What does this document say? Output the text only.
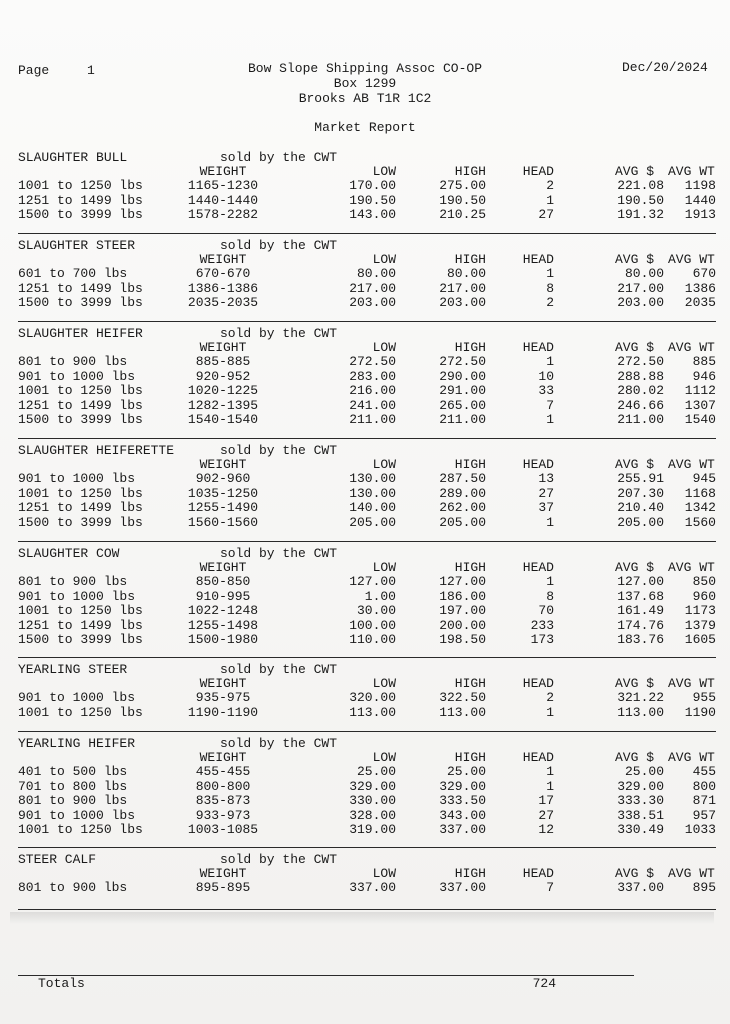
Page	1	Bow Slope Shipping Assoc CO-OP
Box 1299
Brooks AB T1R 1C2
Dec/20/2024
Market Report
SLAUGHTER BULL	sold by the CWT
WEIGHT	LOW	HIGH	HEAD	AVG $ AVG WT
1001 to 1250 lbs	1165-1230	170.00	275.00	2	221.08	1198
1251 to 1499 lbs	1440-1440	190.50	190.50	1	190.50	1440
1500 to 3999 lbs	1578-2282	143.00	210.25	27	191.32	1913
SLAUGHTER STEER	sold by the CWT
WEIGHT	LOW	HIGH	HEAD	AVG $ AVG WT
601 to 700 lbs	670-670	80.00	80.00	1	80.00	670
1251 to 1499 lbs	1386-1386	217.00	217.00	8	217.00	1386
1500 to 3999 lbs	2035-2035	203.00	203.00	2	203.00	2035
SLAUGHTER HEIFER	sold by the CWT
WEIGHT	LOW	HIGH	HEAD	AVG $ AVG WT
801 to 900 lbs	885-885	272.50	272.50	1	272.50	885
901 to 1000 lbs	920-952	283.00	290.00	10	288.88	946
1001 to 1250 lbs	1020-1225	216.00	291.00	33	280.02	1112
1251 to 1499 lbs	1282-1395	241.00	265.00	7	246.66	1307
1500 to 3999 lbs	1540-1540	211.00	211.00	1	211.00	1540
SLAUGHTER HEIFERETTE	sold by the CWT
WEIGHT	LOW	HIGH	HEAD	AVG $ AVG WT
901 to 1000 lbs	902-960	130.00	287.50	13	255.91	945
1001 to 1250 lbs	1035-1250	130.00	289.00	27	207.30	1168
1251 to 1499 lbs	1255-1490	140.00	262.00	37	210.40	1342
1500 to 3999 lbs	1560-1560	205.00	205.00	1	205.00	1560
SLAUGHTER COW	sold by the CWT
WEIGHT	LOW	HIGH	HEAD	AVG $ AVG WT
801 to 900 lbs	850-850	127.00	127.00	1	127.00	850
901 to 1000 lbs	910-995	1.00	186.00	8	137.68	960
1001 to 1250 lbs	1022-1248	30.00	197.00	70	161.49	1173
1251 to 1499 lbs	1255-1498	100.00	200.00	233	174.76	1379
1500 to 3999 lbs	1500-1980	110.00	198.50	173	183.76	1605
YEARLING STEER	sold by the CWT
WEIGHT	LOW	HIGH	HEAD	AVG $ AVG WT
901 to 1000 lbs	935-975	320.00	322.50	2	321.22	955
1001 to 1250 lbs	1190-1190	113.00	113.00	1	113.00	1190
YEARLING HEIFER	sold by the CWT
WEIGHT	LOW	HIGH	HEAD	AVG $ AVG WT
401 to 500 lbs	455-455	25.00	25.00	1	25.00	455
701 to 800 lbs	800-800	329.00	329.00	1	329.00	800
801 to 900 lbs	835-873	330.00	333.50	17	333.30	871
901 to 1000 lbs	933-973	328.00	343.00	27	338.51	957
1001 to 1250 lbs	1003-1085	319.00	337.00	12	330.49	1033
STEER CALF	sold by the CWT
WEIGHT	LOW	HIGH	HEAD	AVG $ AVG WT
801 to 900 lbs	895-895	337.00	337.00	7	337.00	895
Totals	724
